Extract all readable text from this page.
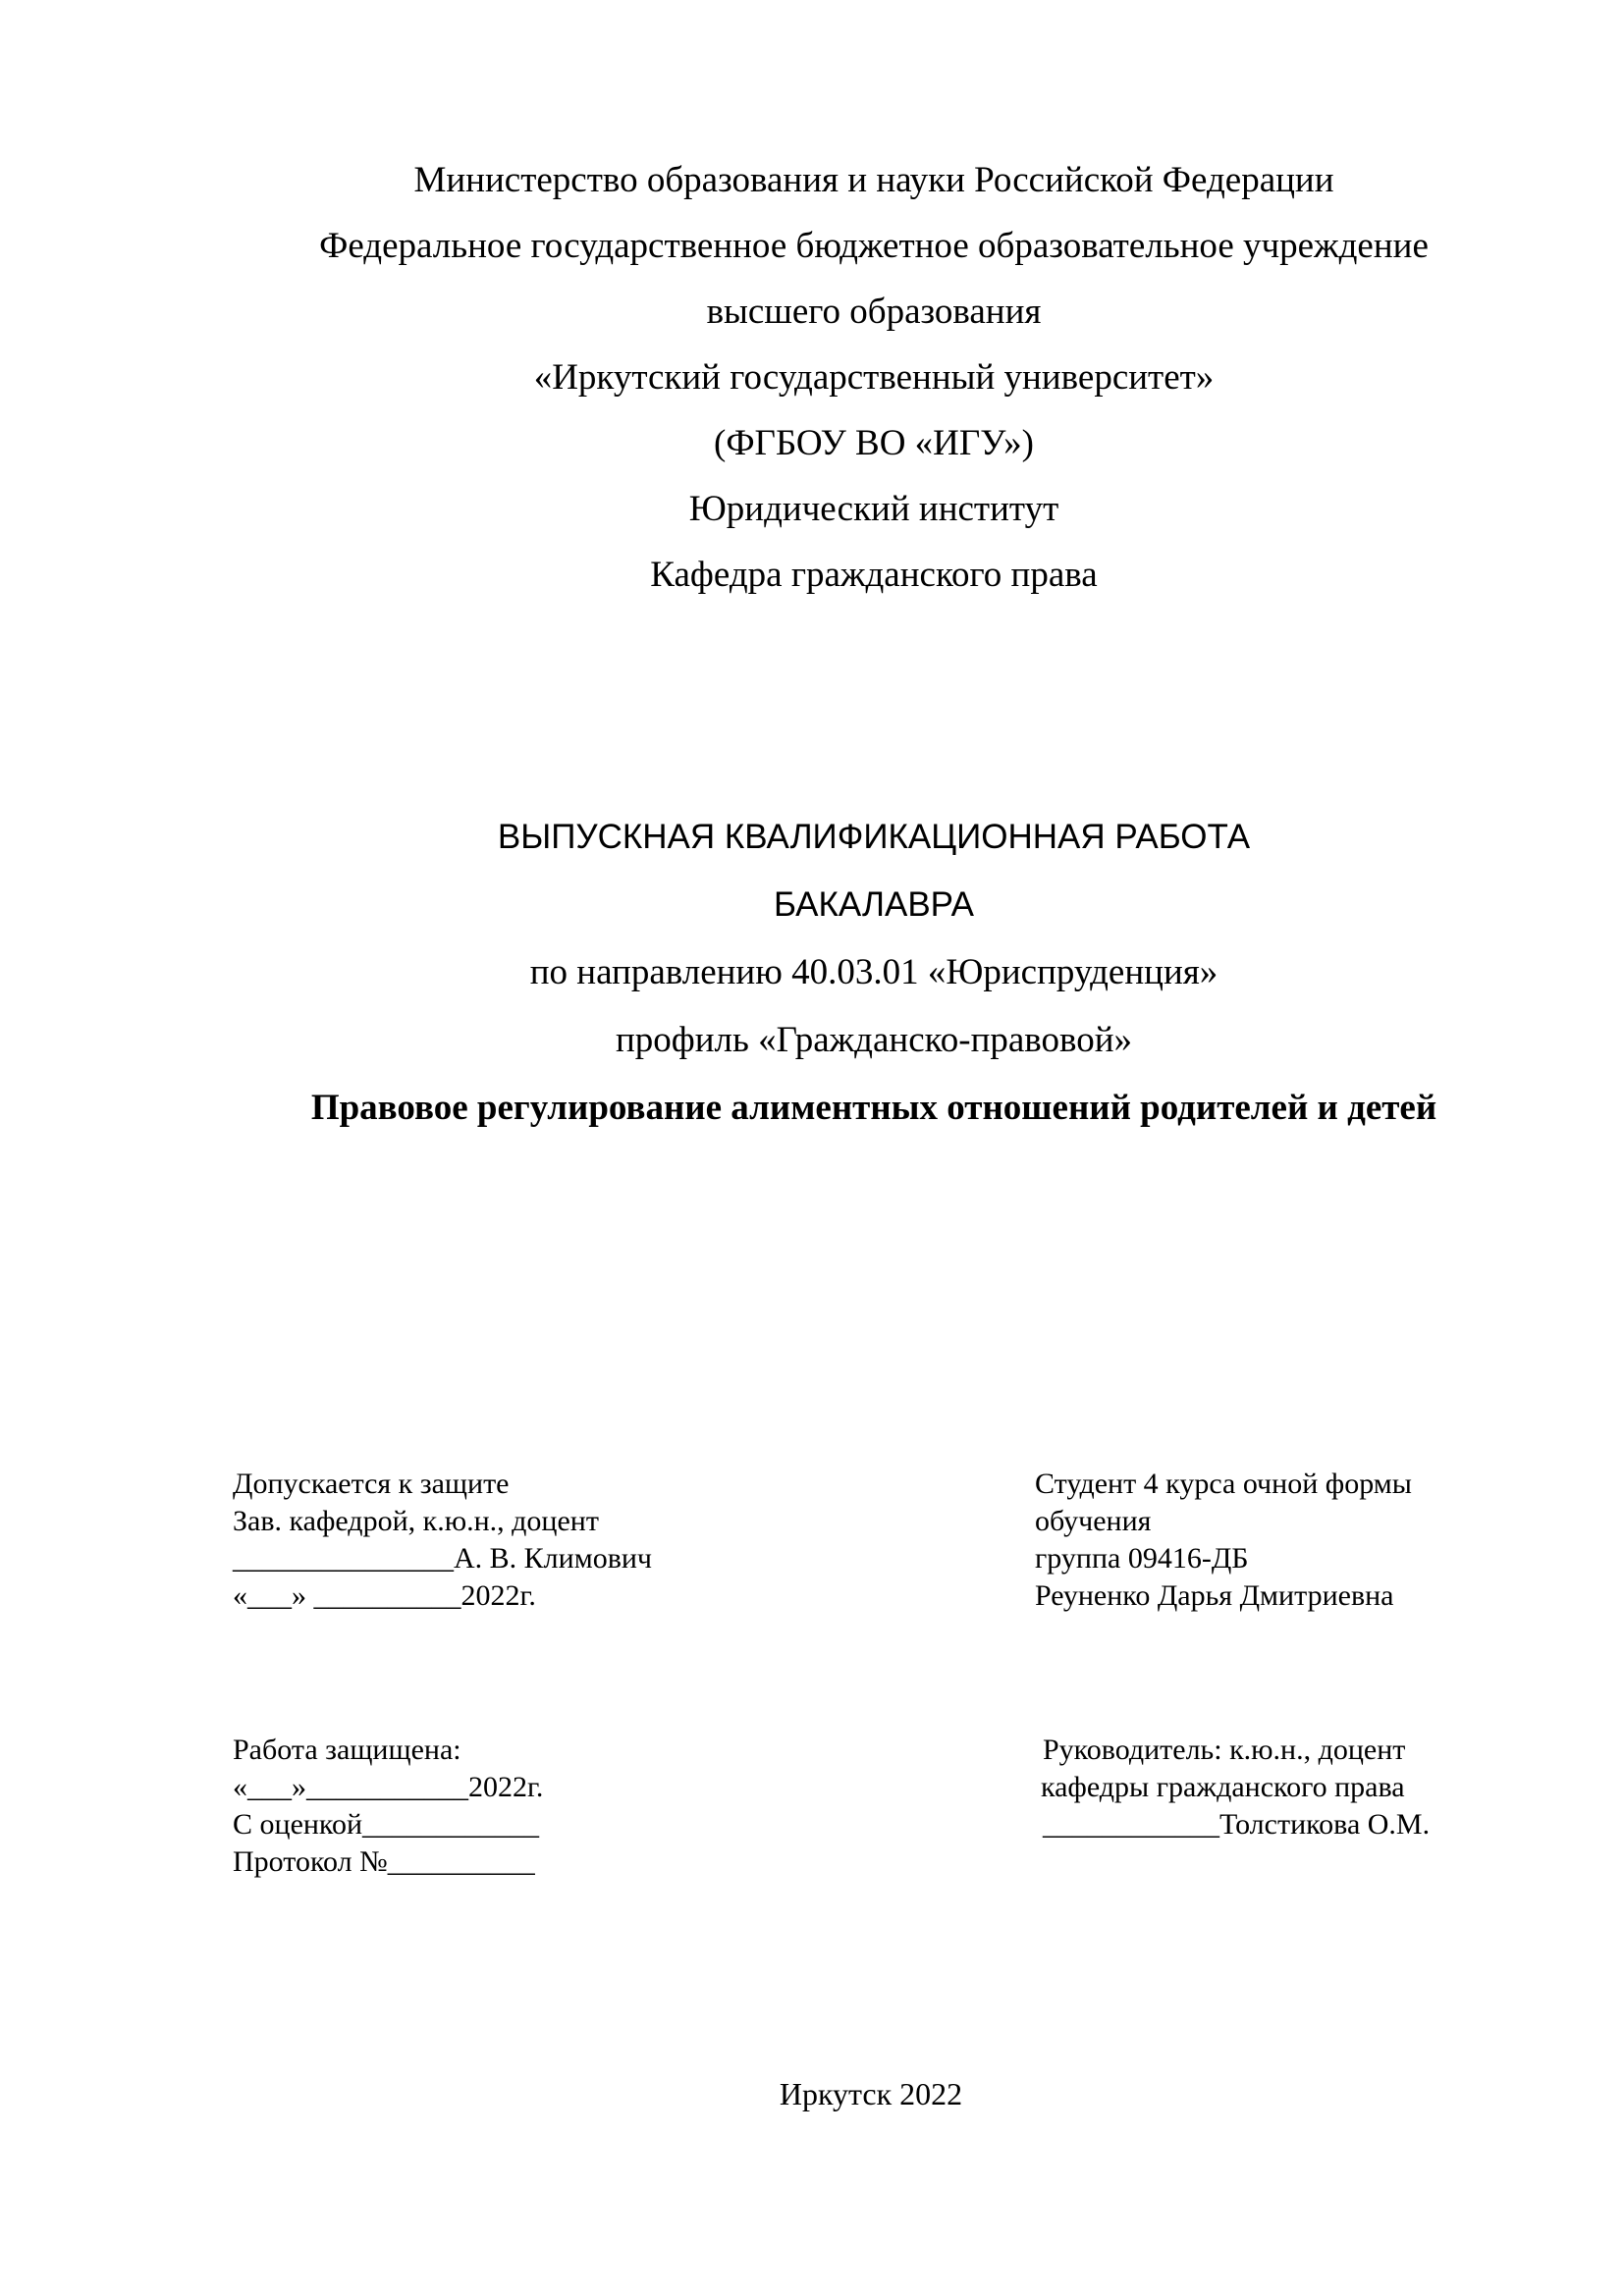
Министерство образования и науки Российской Федерации
Федеральное государственное бюджетное образовательное учреждение
высшего образования
«Иркутский государственный университет»
(ФГБОУ ВО «ИГУ»)
Юридический институт
Кафедра гражданского права
ВЫПУСКНАЯ КВАЛИФИКАЦИОННАЯ РАБОТА
БАКАЛАВРА
по направлению 40.03.01 «Юриспруденция»
профиль «Гражданско-правовой»
Правовое регулирование алиментных отношений родителей и детей
Допускается к защите
Зав. кафедрой, к.ю.н., доцент
_______________А. В. Климович
«___» __________2022г.
Студент 4 курса очной формы
обучения
группа 09416-ДБ
Реуненко Дарья Дмитриевна
Работа защищена:
«___»___________2022г.
С оценкой____________
Протокол №__________
Руководитель: к.ю.н., доцент
кафедры гражданского права
____________Толстикова О.М.
Иркутск 2022
